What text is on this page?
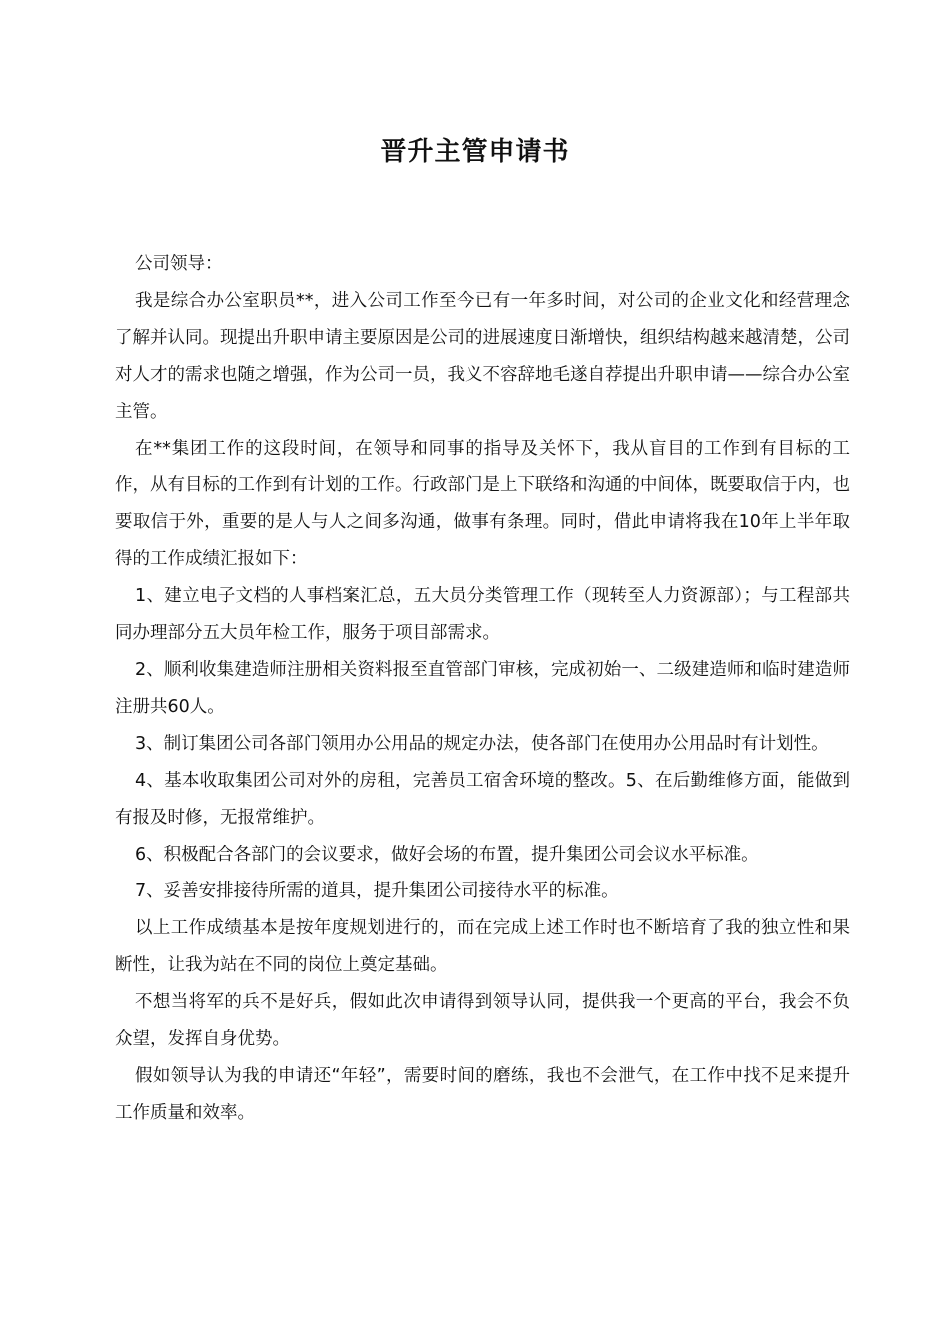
晋升主管申请书

公司领导：

我是综合办公室职员**，进入公司工作至今已有一年多时间，对公司的企业文化和经营理念了解并认同。现提出升职申请主要原因是公司的进展速度日渐增快，组织结构越来越清楚，公司对人才的需求也随之增强，作为公司一员，我义不容辞地毛遂自荐提出升职申请——综合办公室主管。

在**集团工作的这段时间，在领导和同事的指导及关怀下，我从盲目的工作到有目标的工作，从有目标的工作到有计划的工作。行政部门是上下联络和沟通的中间体，既要取信于内，也要取信于外，重要的是人与人之间多沟通，做事有条理。同时，借此申请将我在10年上半年取得的工作成绩汇报如下：

1、建立电子文档的人事档案汇总，五大员分类管理工作（现转至人力资源部）；与工程部共同办理部分五大员年检工作，服务于项目部需求。

2、顺利收集建造师注册相关资料报至直管部门审核，完成初始一、二级建造师和临时建造师注册共60人。

3、制订集团公司各部门领用办公用品的规定办法，使各部门在使用办公用品时有计划性。

4、基本收取集团公司对外的房租，完善员工宿舍环境的整改。5、在后勤维修方面，能做到有报及时修，无报常维护。

6、积极配合各部门的会议要求，做好会场的布置，提升集团公司会议水平标准。

7、妥善安排接待所需的道具，提升集团公司接待水平的标准。

以上工作成绩基本是按年度规划进行的，而在完成上述工作时也不断培育了我的独立性和果断性，让我为站在不同的岗位上奠定基础。

不想当将军的兵不是好兵，假如此次申请得到领导认同，提供我一个更高的平台，我会不负众望，发挥自身优势。

假如领导认为我的申请还“年轻”，需要时间的磨练，我也不会泄气，在工作中找不足来提升工作质量和效率。
